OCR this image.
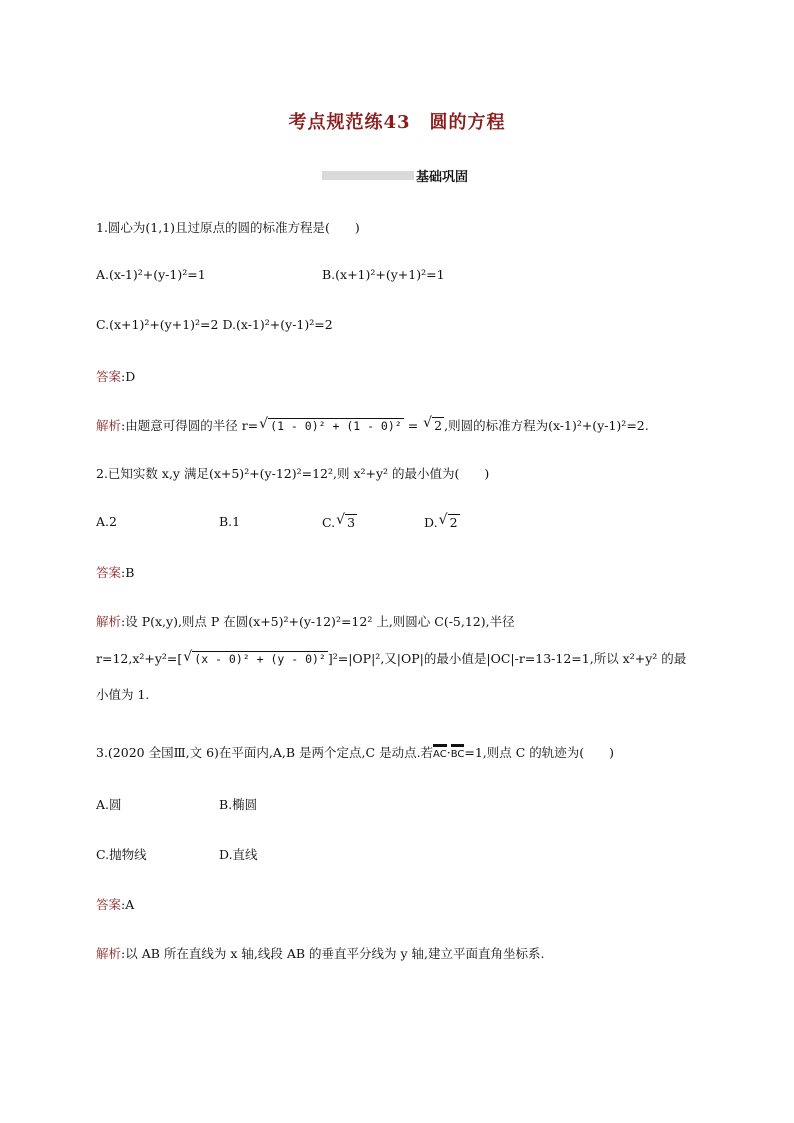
考点规范练43　圆的方程
基础巩固
1.圆心为(1,1)且过原点的圆的标准方程是(　　)
A.(x-1)²+(y-1)²=1	B.(x+1)²+(y+1)²=1
C.(x+1)²+(y+1)²=2 D.(x-1)²+(y-1)²=2
答案:D
解析:由题意可得圆的半径 r= √ (1 - 0)² + (1 - 0)² = √ 2 ,则圆的标准方程为(x-1)²+(y-1)²=2.
2.已知实数 x,y 满足(x+5)²+(y-12)²=12²,则 x²+y² 的最小值为(　　)
A.2	B.1	C. √ 3	D. √ 2
答案:B
解析:设 P(x,y),则点 P 在圆(x+5)²+(y-12)²=12² 上,则圆心 C(-5,12),半径
r=12,x²+y²=[ √ (x - 0)² + (y - 0)² ]²=|OP|²,又|OP|的最小值是|OC|-r=13-12=1,所以 x²+y² 的最
小值为 1.
3.(2020 全国Ⅲ,文 6)在平面内,A,B 是两个定点,C 是动点.若AC·BC=1,则点 C 的轨迹为(　　)
A.圆	B.椭圆
C.抛物线	D.直线
答案:A
解析:以 AB 所在直线为 x 轴,线段 AB 的垂直平分线为 y 轴,建立平面直角坐标系.
